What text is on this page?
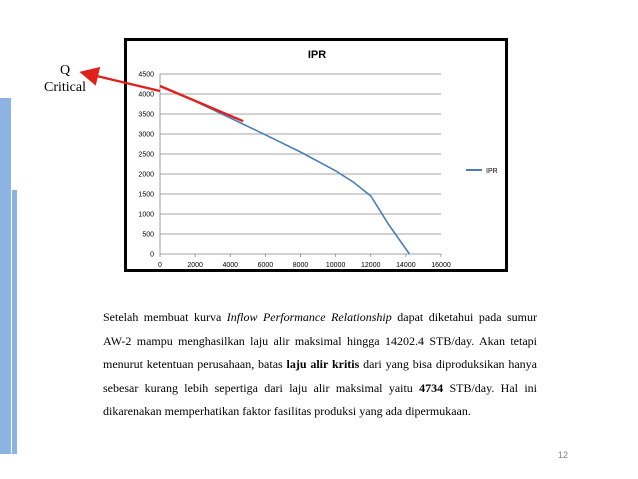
0
500
1000
1500
2000
2500
3000
3500
4000
4500
0	2000	4000	6000	8000	10000 12000 14000 16000
IPR
IPR
Q
Critical
Setelah membuat kurva Inflow Performance Relationship dapat diketahui pada sumur AW-2 mampu menghasilkan laju alir maksimal hingga 14202.4 STB/day. Akan tetapi menurut ketentuan perusahaan, batas laju alir kritis dari yang bisa diproduksikan hanya sebesar kurang lebih sepertiga dari laju alir maksimal yaitu 4734 STB/day. Hal ini dikarenakan memperhatikan faktor fasilitas produksi yang ada dipermukaan.
12
